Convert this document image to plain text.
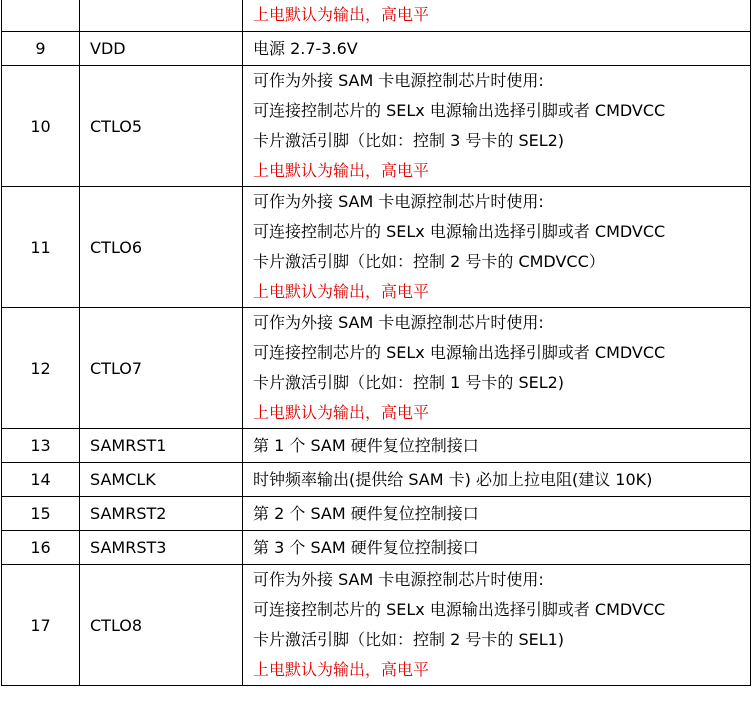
		上电默认为输出，高电平

9	VDD	电源 2.7-3.6V

10	CTLO5	可作为外接 SAM 卡电源控制芯片时使用:
可连接控制芯片的 SELx 电源输出选择引脚或者 CMDVCC
卡片激活引脚（比如：控制 3 号卡的 SEL2)
上电默认为输出，高电平

11	CTLO6	可作为外接 SAM 卡电源控制芯片时使用:
可连接控制芯片的 SELx 电源输出选择引脚或者 CMDVCC
卡片激活引脚（比如：控制 2 号卡的 CMDVCC）
上电默认为输出，高电平

12	CTLO7	可作为外接 SAM 卡电源控制芯片时使用:
可连接控制芯片的 SELx 电源输出选择引脚或者 CMDVCC
卡片激活引脚（比如：控制 1 号卡的 SEL2)
上电默认为输出，高电平

13	SAMRST1	第 1 个 SAM 硬件复位控制接口

14	SAMCLK	时钟频率输出(提供给 SAM 卡) 必加上拉电阻(建议 10K)

15	SAMRST2	第 2 个 SAM 硬件复位控制接口

16	SAMRST3	第 3 个 SAM 硬件复位控制接口

17	CTLO8	可作为外接 SAM 卡电源控制芯片时使用:
可连接控制芯片的 SELx 电源输出选择引脚或者 CMDVCC
卡片激活引脚（比如：控制 2 号卡的 SEL1)
上电默认为输出，高电平
